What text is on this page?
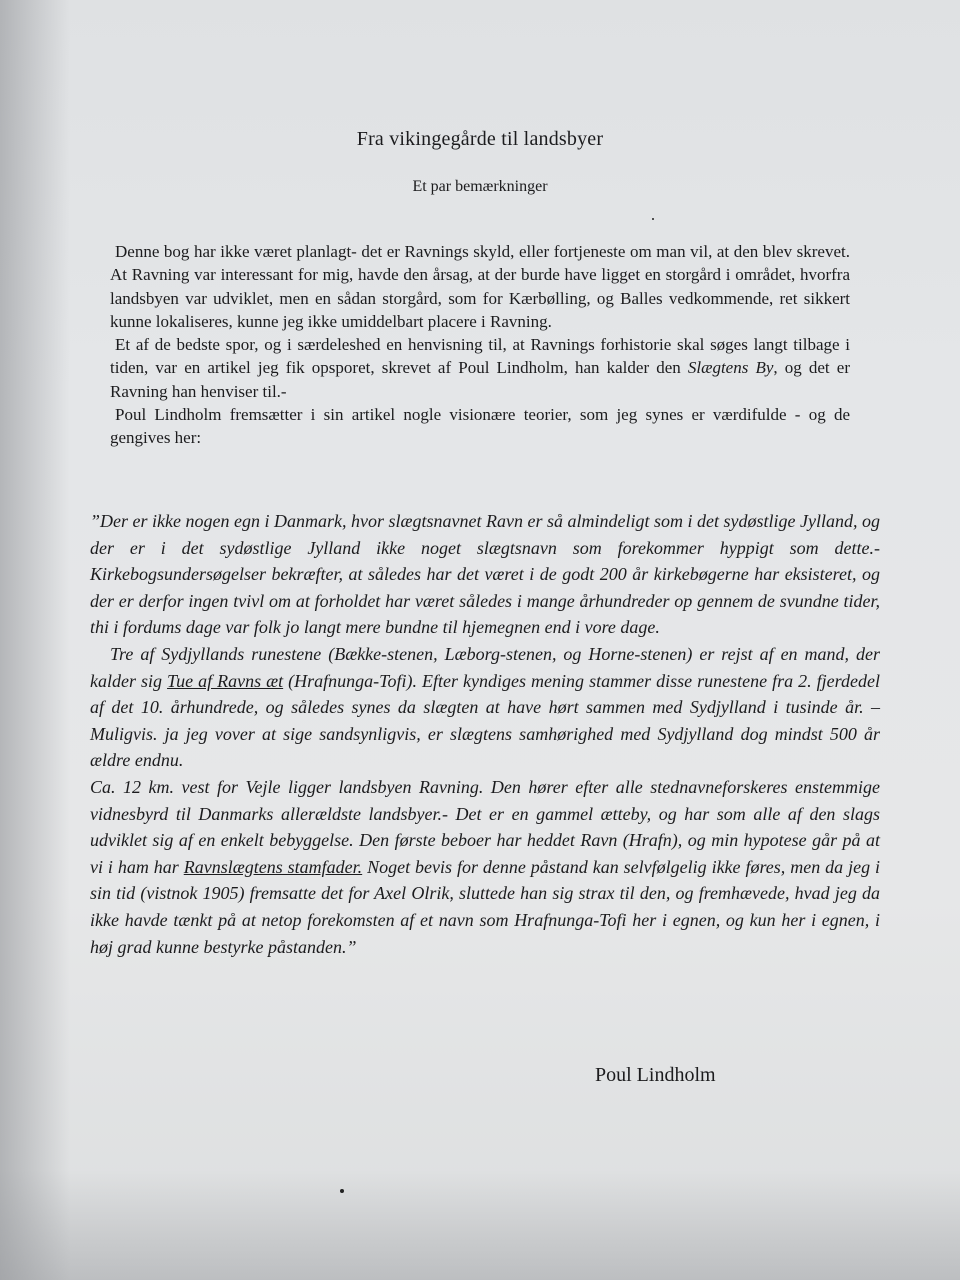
Fra vikingegårde til landsbyer
Et par bemærkninger

Denne bog har ikke været planlagt- det er Ravnings skyld, eller fortjeneste om man vil, at den blev skrevet. At Ravning var interessant for mig, havde den årsag, at der burde have ligget en storgård i området, hvorfra landsbyen var udviklet, men en sådan storgård, som for Kærbølling, og Balles vedkommende, ret sikkert kunne lokaliseres, kunne jeg ikke umiddelbart placere i Ravning.

Et af de bedste spor, og i særdeleshed en henvisning til, at Ravnings forhistorie skal søges langt tilbage i tiden, var en artikel jeg fik opsporet, skrevet af Poul Lindholm, han kalder den Slægtens By, og det er Ravning han henviser til.-

Poul Lindholm fremsætter i sin artikel nogle visionære teorier, som jeg synes er værdifulde - og de gengives her:

”Der er ikke nogen egn i Danmark, hvor slægtsnavnet Ravn er så almindeligt som i det sydøstlige Jylland, og der er i det sydøstlige Jylland ikke noget slægtsnavn som forekommer hyppigt som dette.- Kirkebogsundersøgelser bekræfter, at således har det været i de godt 200 år kirkebøgerne har eksisteret, og der er derfor ingen tvivl om at forholdet har været således i mange århundreder op gennem de svundne tider, thi i fordums dage var folk jo langt mere bundne til hjemegnen end i vore dage.

Tre af Sydjyllands runestene (Bække-stenen, Læborg-stenen, og Horne-stenen) er rejst af en mand, der kalder sig Tue af Ravns æt (Hrafnunga-Tofi). Efter kyndiges mening stammer disse runestene fra 2. fjerdedel af det 10. århundrede, og således synes da slægten at have hørt sammen med Sydjylland i tusinde år. – Muligvis. ja jeg vover at sige sandsynligvis, er slægtens samhørighed med Sydjylland dog mindst 500 år ældre endnu.

Ca. 12 km. vest for Vejle ligger landsbyen Ravning. Den hører efter alle stednavneforskeres enstemmige vidnesbyrd til Danmarks allerældste landsbyer.- Det er en gammel ætteby, og har som alle af den slags udviklet sig af en enkelt bebyggelse. Den første beboer har heddet Ravn (Hrafn), og min hypotese går på at vi i ham har Ravnslægtens stamfader. Noget bevis for denne påstand kan selvfølgelig ikke føres, men da jeg i sin tid (vistnok 1905) fremsatte det for Axel Olrik, sluttede han sig strax til den, og fremhævede, hvad jeg da ikke havde tænkt på at netop forekomsten af et navn som Hrafnunga-Tofi her i egnen, og kun her i egnen, i høj grad kunne bestyrke påstanden.”

Poul Lindholm
